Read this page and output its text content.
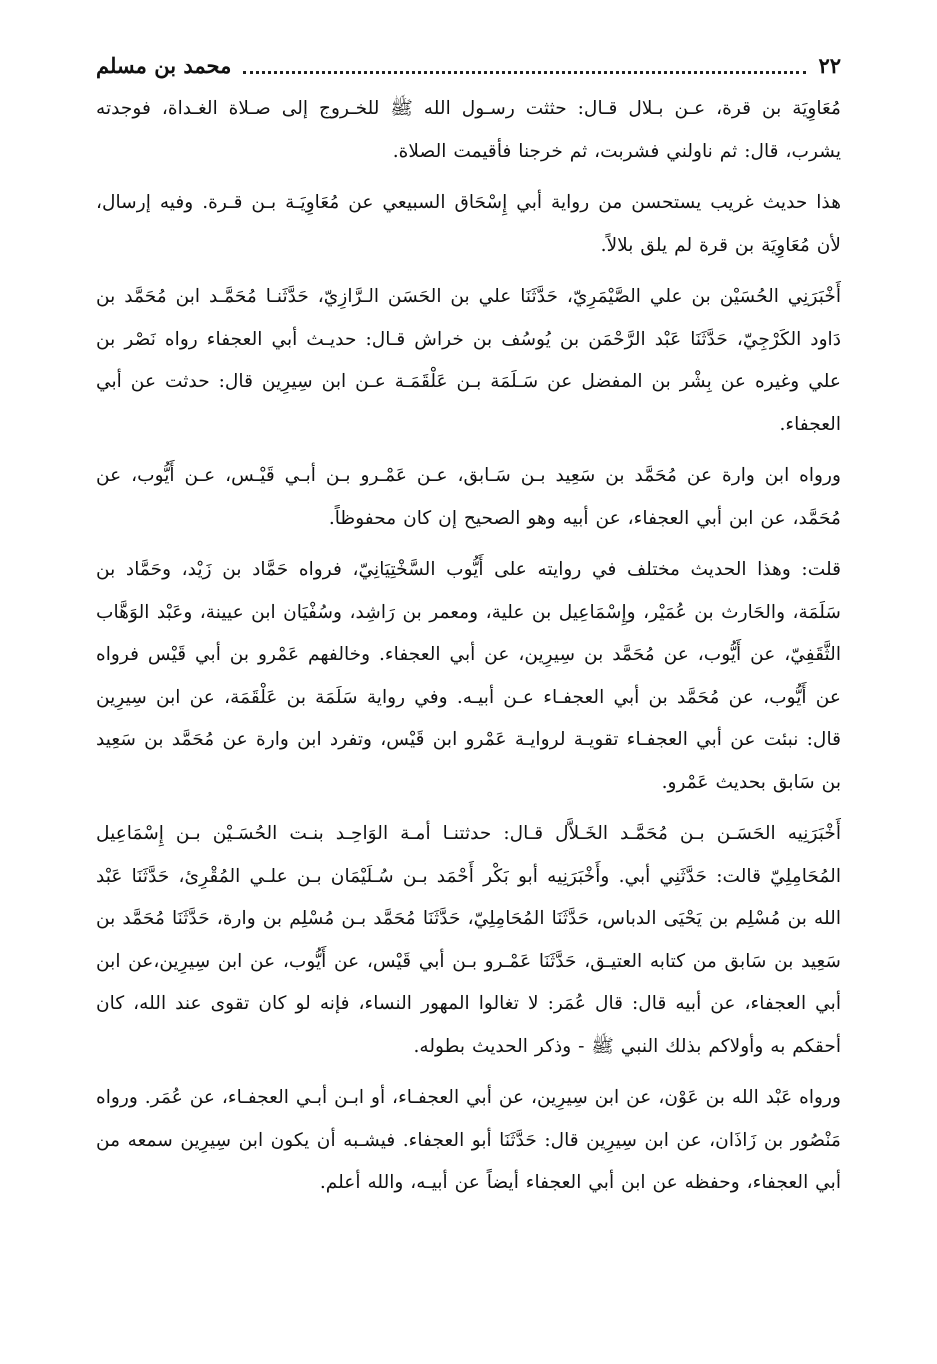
٢٢
محمد بن مسلم

مُعَاوِيَة بن قرة، عـن بـلال قـال: حثثت رسـول الله ﷺ للخـروج إلى صـلاة الغـداة، فوجدته يشرب، قال: ثم ناولني فشربت، ثم خرجنا فأقيمت الصلاة.

هذا حديث غريب يستحسن من رواية أبي إِسْحَاق السبيعي عن مُعَاوِيَـة بـن قـرة. وفيه إرسال، لأن مُعَاوِيَة بن قرة لم يلق بلالاً.

أَخْبَرَنِي الحُسَيْن بن علي الصَّيْمَرِيّ، حَدَّثَنَا علي بن الحَسَن الـرَّازِيّ، حَدَّثَنـا مُحَمَّـد ابن مُحَمَّد بن دَاود الكَرْجِيّ، حَدَّثَنَا عَبْد الرَّحْمَن بن يُوسُف بن خراش قـال: حديـث أبي العجفاء رواه نَصْر بن علي وغيره عن بِشْر بن المفضل عن سَـلَمَة بـن عَلْقَمَـة عـن ابن سِيرِين قال: حدثت عن أبي العجفاء.

ورواه ابن وارة عن مُحَمَّد بن سَعِيد بـن سَـابق، عـن عَمْـرو بـن أبـي قَيْـس، عـن أَيُّوب، عن مُحَمَّد، عن ابن أبي العجفاء، عن أبيه وهو الصحيح إن كان محفوظاً.

قلت: وهذا الحديث مختلف في روايته على أَيُّوب السَّخْتِيَانِيّ، فرواه حَمَّاد بن زَيْد، وحَمَّاد بن سَلَمَة، والحَارث بن عُمَيْر، وإِسْمَاعِيل بن علية، ومعمر بن رَاشِد، وسُفْيَان ابن عيينة، وعَبْد الوَهَّاب الثَّقَفِيّ، عن أَيُّوب، عن مُحَمَّد بن سِيرِين، عن أبي العجفاء. وخالفهم عَمْرو بن أبي قَيْس فرواه عن أَيُّوب، عن مُحَمَّد بن أبي العجفـاء عـن أبيـه. وفي رواية سَلَمَة بن عَلْقَمَة، عن ابن سِيرِين قال: نبئت عن أبي العجفـاء تقويـة لروايـة عَمْرو ابن قَيْس، وتفرد ابن وارة عن مُحَمَّد بن سَعِيد بن سَابق بحديث عَمْرو.

أَخْبَرَنِيه الحَسَـن بـن مُحَمَّـد الخَـلاَّل قـال: حدثتنـا أمـة الوَاحِـد بنـت الحُسَـيْن بـن إِسْمَاعِيل المُحَامِلِيّ قالت: حَدَّثَنِي أبي. وأَخْبَرَنِيه أبو بَكْر أَحْمَد بـن سُـلَيْمَان بـن علـي المُقْرِئ، حَدَّثَنَا عَبْد الله بن مُسْلِم بن يَحْيَى الدباس، حَدَّثَنَا المُحَامِلِيّ، حَدَّثَنَا مُحَمَّد بـن مُسْلِم بن وارة، حَدَّثَنَا مُحَمَّد بن سَعِيد بن سَابق من كتابه العتيـق، حَدَّثَنَا عَمْـرو بـن أبي قَيْس، عن أَيُّوب، عن ابن سِيرِين،عن ابن أبي العجفاء، عن أبيه قال: قال عُمَر: لا تغالوا المهور النساء، فإنه لو كان تقوى عند الله، كان أحقكم به وأولاكم بذلك النبي ﷺ - وذكر الحديث بطوله.

ورواه عَبْد الله بن عَوْن، عن ابن سِيرِين، عن أبي العجفـاء، أو ابـن أبـي العجفـاء، عن عُمَر. ورواه مَنْصُور بن زَاذَان، عن ابن سِيرِين قال: حَدَّثَنَا أبو العجفاء. فيشـبه أن يكون ابن سِيرِين سمعه من أبي العجفاء، وحفظه عن ابن أبي العجفاء أيضاً عن أبيـه، والله أعلم.
